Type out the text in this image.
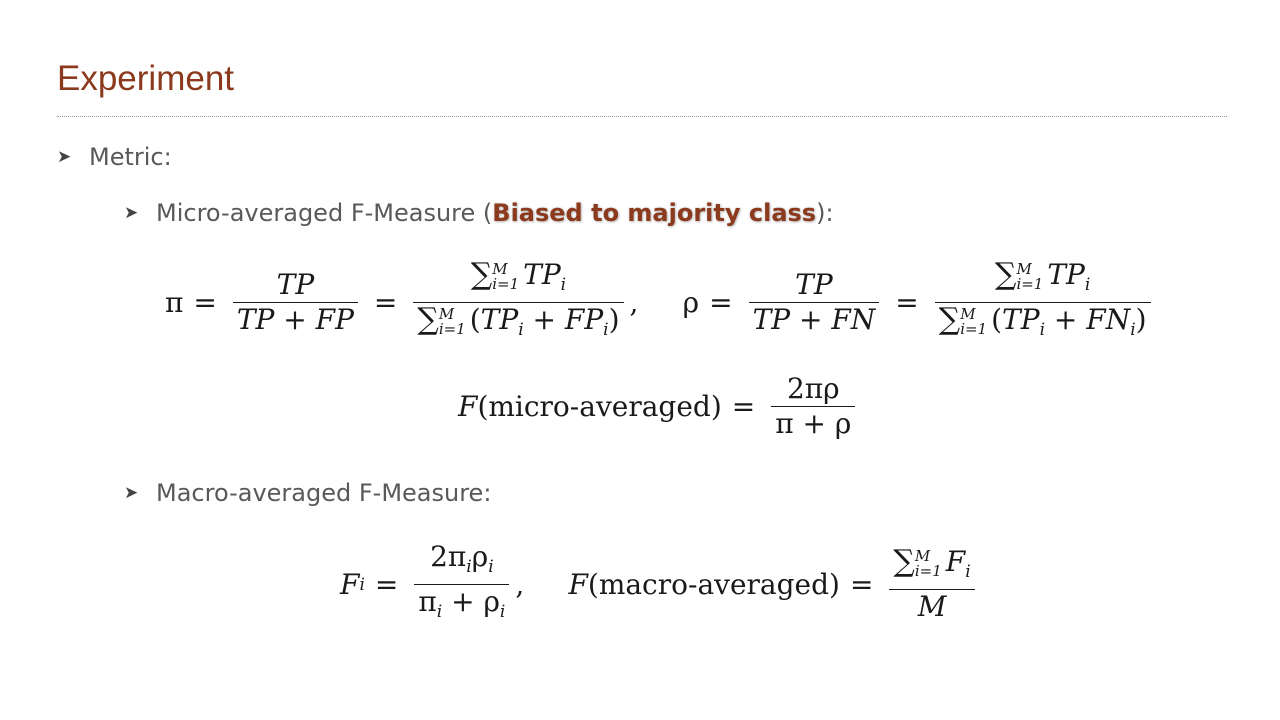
Experiment
➤ Metric:
➤ Micro-averaged F-Measure (Biased to majority class):
$\pi = \frac{TP}{TP + FP}$ = ∑ M
i=1 $TP_i$
∑ M
i=1 $(TP_i + FP_i)$ ,
$\rho = \frac{TP}{TP + FN}$ = ∑ M
i=1 $TP_i$
∑ M
i=1 $(TP_i + FN_i)$
F (micro-averaged) = $\frac{2\pi\rho}{\pi + \rho}$
➤ Macro-averaged F-Measure:
F $i = \frac{2\pi_i\rho_i}{\pi_i + \rho_i}$ ,
F (macro-averaged) = ∑ M
i=1 $F_i$
M
